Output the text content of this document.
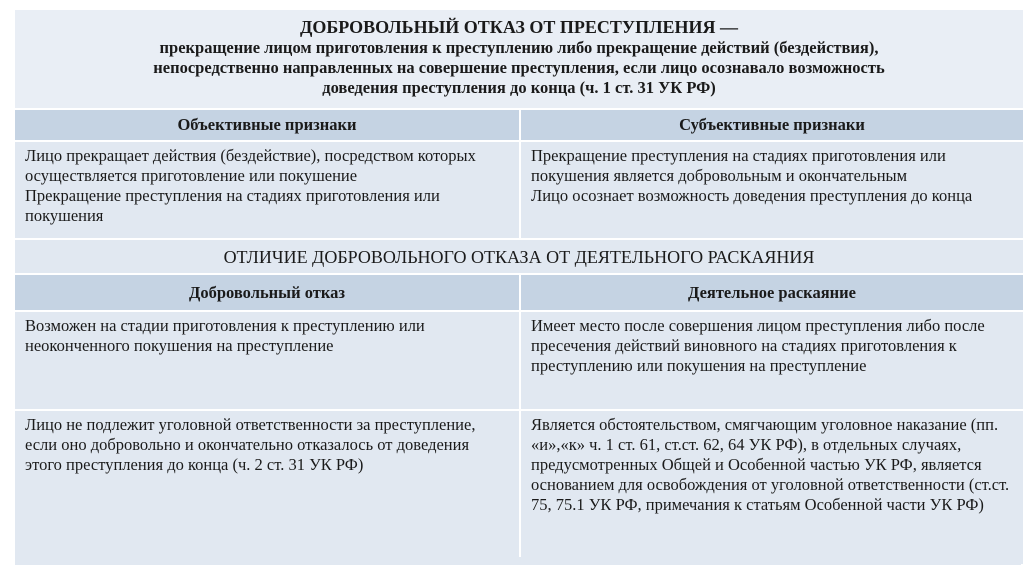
ДОБРОВОЛЬНЫЙ ОТКАЗ ОТ ПРЕСТУПЛЕНИЯ —
прекращение лицом приготовления к преступлению либо прекращение действий (бездействия),
непосредственно направленных на совершение преступления, если лицо осознавало возможность
доведения преступления до конца (ч. 1 ст. 31 УК РФ)
Объективные признаки	Субъективные признаки

Лицо прекращает действия (бездействие), посредством которых осуществляется приготовление или покушение

Прекращение преступления на стадиях приготовления или покушения

Прекращение преступления на стадиях приготовления или покушения является добровольным и окончательным

Лицо осознает возможность доведения преступления до конца

ОТЛИЧИЕ ДОБРОВОЛЬНОГО ОТКАЗА ОТ ДЕЯТЕЛЬНОГО РАСКАЯНИЯ
Добровольный отказ	Деятельное раскаяние

Возможен на стадии приготовления к преступлению или неоконченного покушения на преступление

Имеет место после совершения лицом преступления либо после пресечения действий виновного на стадиях приготовления к преступлению или покушения на преступление

Лицо не подлежит уголовной ответственности за преступление, если оно добровольно и окончательно отказалось от доведения этого преступления до конца (ч. 2 ст. 31 УК РФ)

Является обстоятельством, смягчающим уголовное наказание (пп. «и»,«к» ч. 1 ст. 61, ст.ст. 62, 64 УК РФ), в отдельных случаях, предусмотренных Общей и Особенной частью УК РФ, является основанием для освобождения от уголовной ответственности (ст.ст. 75, 75.1 УК РФ, примечания к статьям Особенной части УК РФ)
